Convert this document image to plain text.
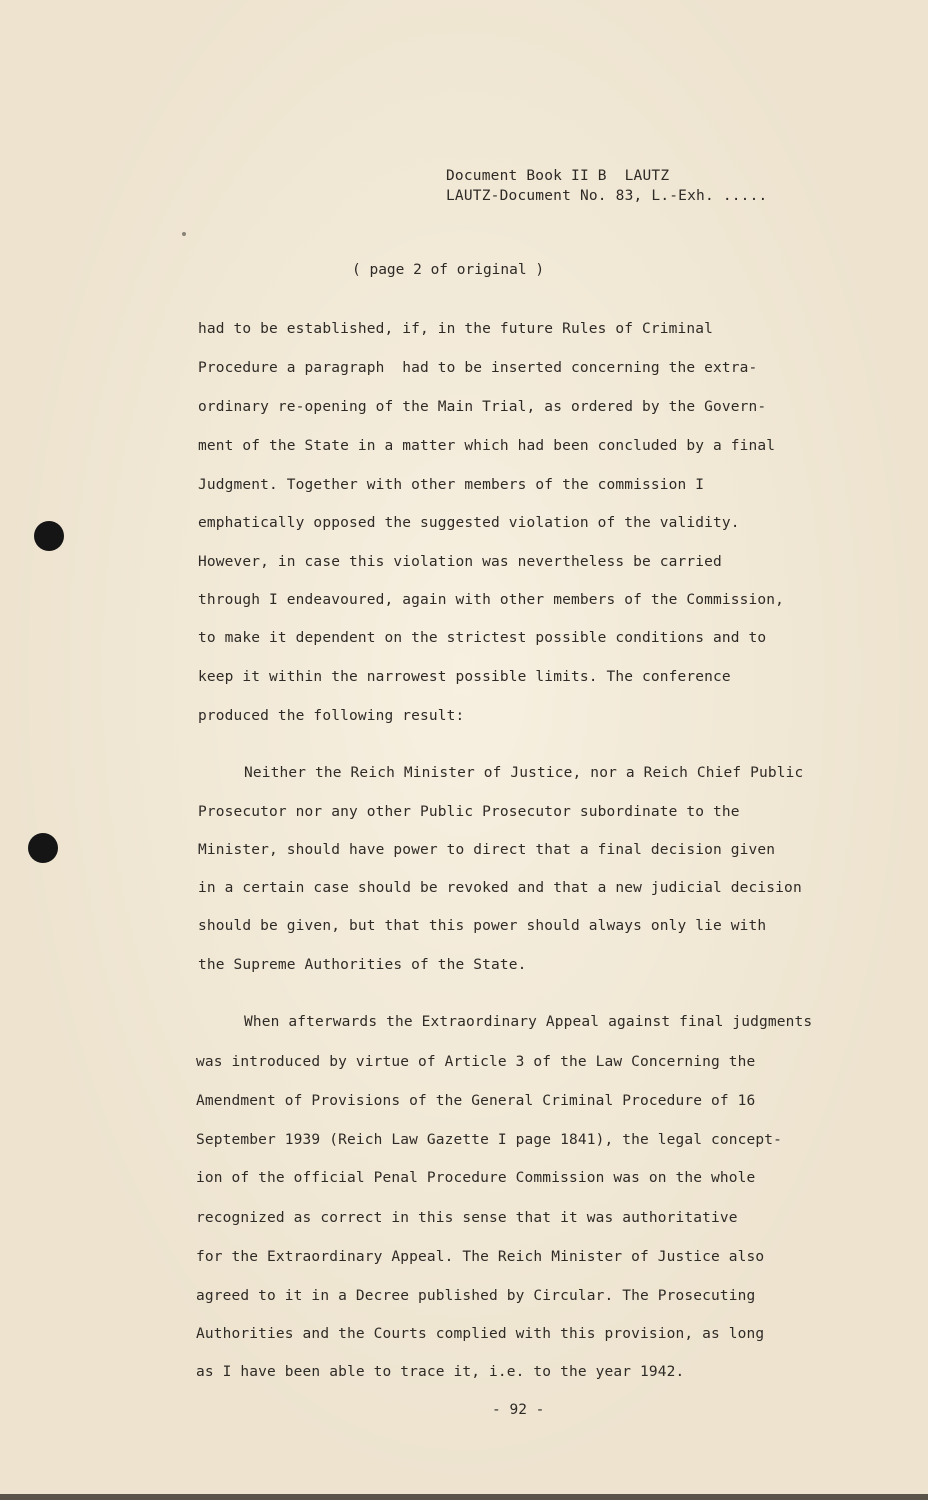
Document Book II B  LAUTZ
LAUTZ-Document No. 83, L.-Exh. .....
( page 2 of original )
had to be established, if, in the future Rules of Criminal
Procedure a paragraph  had to be inserted concerning the extra-
ordinary re-opening of the Main Trial, as ordered by the Govern-
ment of the State in a matter which had been concluded by a final
Judgment. Together with other members of the commission I
emphatically opposed the suggested violation of the validity.
However, in case this violation was nevertheless be carried
through I endeavoured, again with other members of the Commission,
to make it dependent on the strictest possible conditions and to
keep it within the narrowest possible limits. The conference
produced the following result:
Neither the Reich Minister of Justice, nor a Reich Chief Public
Prosecutor nor any other Public Prosecutor subordinate to the
Minister, should have power to direct that a final decision given
in a certain case should be revoked and that a new judicial decision
should be given, but that this power should always only lie with
the Supreme Authorities of the State.
When afterwards the Extraordinary Appeal against final judgments
was introduced by virtue of Article 3 of the Law Concerning the
Amendment of Provisions of the General Criminal Procedure of 16
September 1939 (Reich Law Gazette I page 1841), the legal concept-
ion of the official Penal Procedure Commission was on the whole
recognized as correct in this sense that it was authoritative
for the Extraordinary Appeal. The Reich Minister of Justice also
agreed to it in a Decree published by Circular. The Prosecuting
Authorities and the Courts complied with this provision, as long
as I have been able to trace it, i.e. to the year 1942.
- 92 -
